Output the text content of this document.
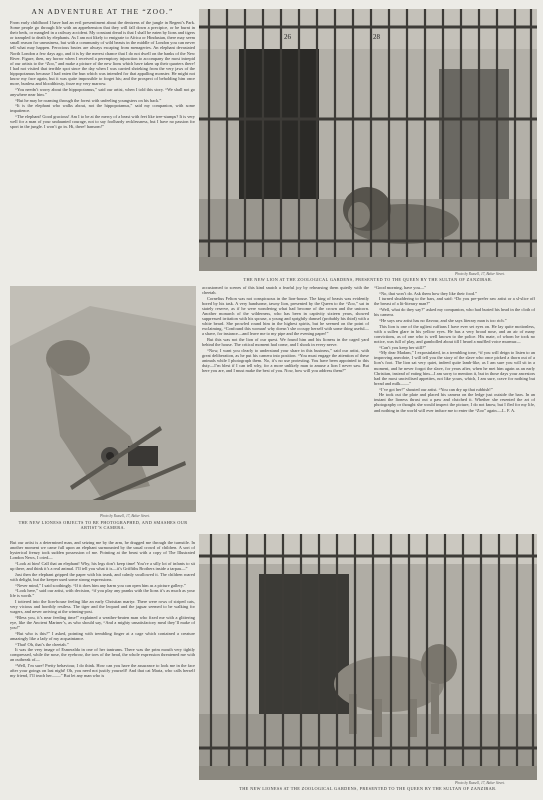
AN ADVENTURE AT THE “ZOO.”

From early childhood I have had an evil presentiment about the denizens of the jungle in Regent’s Park. Some people go through life with an apprehension that they will fall down a precipice, or be burnt in their beds, or mangled in a railway accident. My constant dread is that I shall be eaten by lions and tigers or trampled to death by elephants. As I am not likely to emigrate to Africa or Hindustan, there may seem small reason for uneasiness, but with a community of wild beasts in the middle of London you can never tell what may happen. Ferocious brutes are always escaping from menageries. An elephant devastated North London a few days ago, and it is by the merest chance that I do not dwell on the banks of the New River. Figure, then, my horror when I received a peremptory injunction to accompany the most intrepid of our artists to the “Zoo,” and make a picture of the new lions which have taken up their quarters there! I had not visited that terrible spot since the day when I was carried shrieking from the very jaws of the hippopotamus because I had eaten the bun which was intended for that appalling monster. He might not know my face again, but it was quite impossible to forget his; and the prospect of beholding him once more, bunless and bloodthirsty, froze my very marrow.

“You needn’t worry about the hippopotamus,” said our artist, when I told this story. “We shall not go anywhere near him.”

“But he may be roaming through the forest with unfeeling youngsters on his back.”

“It is the elephant who walks about, not the hippopotamus,” said my companion, with some impatience.

“The elephant! Good gracious! Am I to be at the mercy of a beast with feet like tree-stumps? It is very well for a man of your undaunted courage, not to say foolhardy recklessness, but I have no passion for sport in the jungle. I won’t go in. Hi, there! hansom!”

26	28
Photo by Russell, 17, Baker Street.
THE NEW LION AT THE ZOOLOGICAL GARDENS, PRESENTED TO THE QUEEN BY THE SULTAN OF ZANZIBAR.
Photo by Russell, 17, Baker Street.
THE NEW LIONESS OBJECTS TO BE PHOTOGRAPHED, AND SMASHES OUR ARTIST’S CAMERA.

accustomed to scenes of this kind snatch a fearful joy by rehearsing them quietly with the cheetah.

Cornelius Felton was not conspicuous in the lion-house. The king of beasts was evidently bored by his task. A very handsome, tawny lion, presented by the Queen to the “Zoo,” sat in stately reserve, as if he were wondering what had become of the crown and the unicorn. Another monarch of the wilderness, who has been in captivity sixteen years, showed suppressed irritation with his spouse, a young and sprightly damsel (probably his third) with a white beard. She prowled round him in the highest spirits, but he seemed on the point of exclaiming, “Confound this woman! why doesn’t she occupy herself with some thing useful—a shave, for instance—and leave me to my pipe and the evening paper!”

But this was not the lion of our quest. We found him and his lioness in the caged yard behind the house. The critical moment had come, and I shook in every nerve.

“Now, I want you clearly to understand your share in this business,” said our artist, with great deliberation, as he put his camera into position. “You must engage the attention of these animals while I photograph them. No, it’s no use protesting. You have been appointed to this duty—I’m blest if I can tell why, for a more unlikely man to amuse a lion I never saw. But here you are, and I must make the best of you. Now, how will you address them?”

“Good morning, have you—”

“No, that won’t do. Ask them how they like their food.”

I turned shuddering to the bars, and said: “Do you pre-prefer raw artist or a sl-slice off the breast of a lit-literary man?”

“Well, what do they say?” asked my companion, who had buried his head in the cloth of his camera.

“He says raw artist has no flavour, and she says literary man is too rich.”

This lion is one of the ugliest ruffians I have ever set eyes on. He lay quite motionless, with a sullen glare in his yellow eyes. He has a very broad nose, and an air of many convictions, as of one who is well known to the police. His mate, of whom he took no notice, was full of play, and gambolled about till I heard a muffled voice murmur—

“Can’t you keep her still?”

“My dear Madam,” I expostulated, in a trembling tone, “if you will deign to listen to an improving anecdote, I will tell you the story of the slave who once picked a thorn out of a lion’s foot. The lion sat very quiet, indeed quite lamb-like, as I am sure you will sit in a moment, and he never forgot the slave, for years after, when he met him again as an early Christian, instead of eating him—I am sorry to mention it, but in those days your ancestors had the most uncivilised appetites, not like yours, which, I am sure, crave for nothing but bread and milk——”

“I’ve got her!” shouted our artist. “You can dry up that rubbish!”

He took out the plate and placed his camera on the ledge just outside the bars. In an instant the lioness thrust out a paw and clutched it. Whether she resented the art of photography or thought she would inspect the picture, I do not know, but I fled for my life, and nothing in the world will ever induce me to enter the “Zoo” again.—L. F. A.

But our artist is a determined man, and seizing me by the arm, he dragged me through the turnstile. In another moment we came full upon an elephant surmounted by the usual crowd of children. A sort of hysterical frenzy took sudden possession of me. Pointing at the beast with a copy of The Illustrated London News, I cried—

“Look at him! Call that an elephant! Why, his legs don’t keep time! You’re a silly lot of infants to sit up there, and think it’s a real animal. I’ll tell you what it is—it’s Griffiths Brothers inside a tarpau—”

Just then the elephant gripped the paper with his trunk, and calmly swallowed it. The children roared with delight, but the keeper used some strong expressions.

“Never mind,” I said soothingly. “If it does him any harm you can open him as a picture gallery.”

“Look here,” said our artist, with decision, “if you play any pranks with the lions it’s as much as your life is worth.”

I tottered into the lion-house feeling like an early Christian martyr. There were rows of striped cats, very vicious and horribly restless. The tiger and the leopard and the jaguar seemed to be walking for wagers, and never arriving at the winning-post.

“Bless you, it’s near feeding time!” explained a weather-beaten man who fixed me with a glittering eye, like the Ancient Mariner’s, as who should say, “And a mighty unsatisfactory meal they’ll make of you!”

“But who is this?” I asked, pointing with trembling finger at a cage which contained a creature amazingly like a lady of my acquaintance.

“That! Oh, that’s the cheetah.”

It was the very image of Esmeralda in one of her tantrums. There was the prim mouth very tightly compressed, while the nose, the eyebrow, the toes of the head, the whole expression threatened me with an outbreak of—

“Well, I’m sure! Pretty behaviour, I do think. How can you have the assurance to look me in the face after your goings on last night! Oh, you need not justify yourself! And that cat Maria, who calls herself my friend, I’ll teach her——” But let any man who is

Photo by Russell, 17, Baker Street.
THE NEW LIONESS AT THE ZOOLOGICAL GARDENS, PRESENTED TO THE QUEEN BY THE SULTAN OF ZANZIBAR.
